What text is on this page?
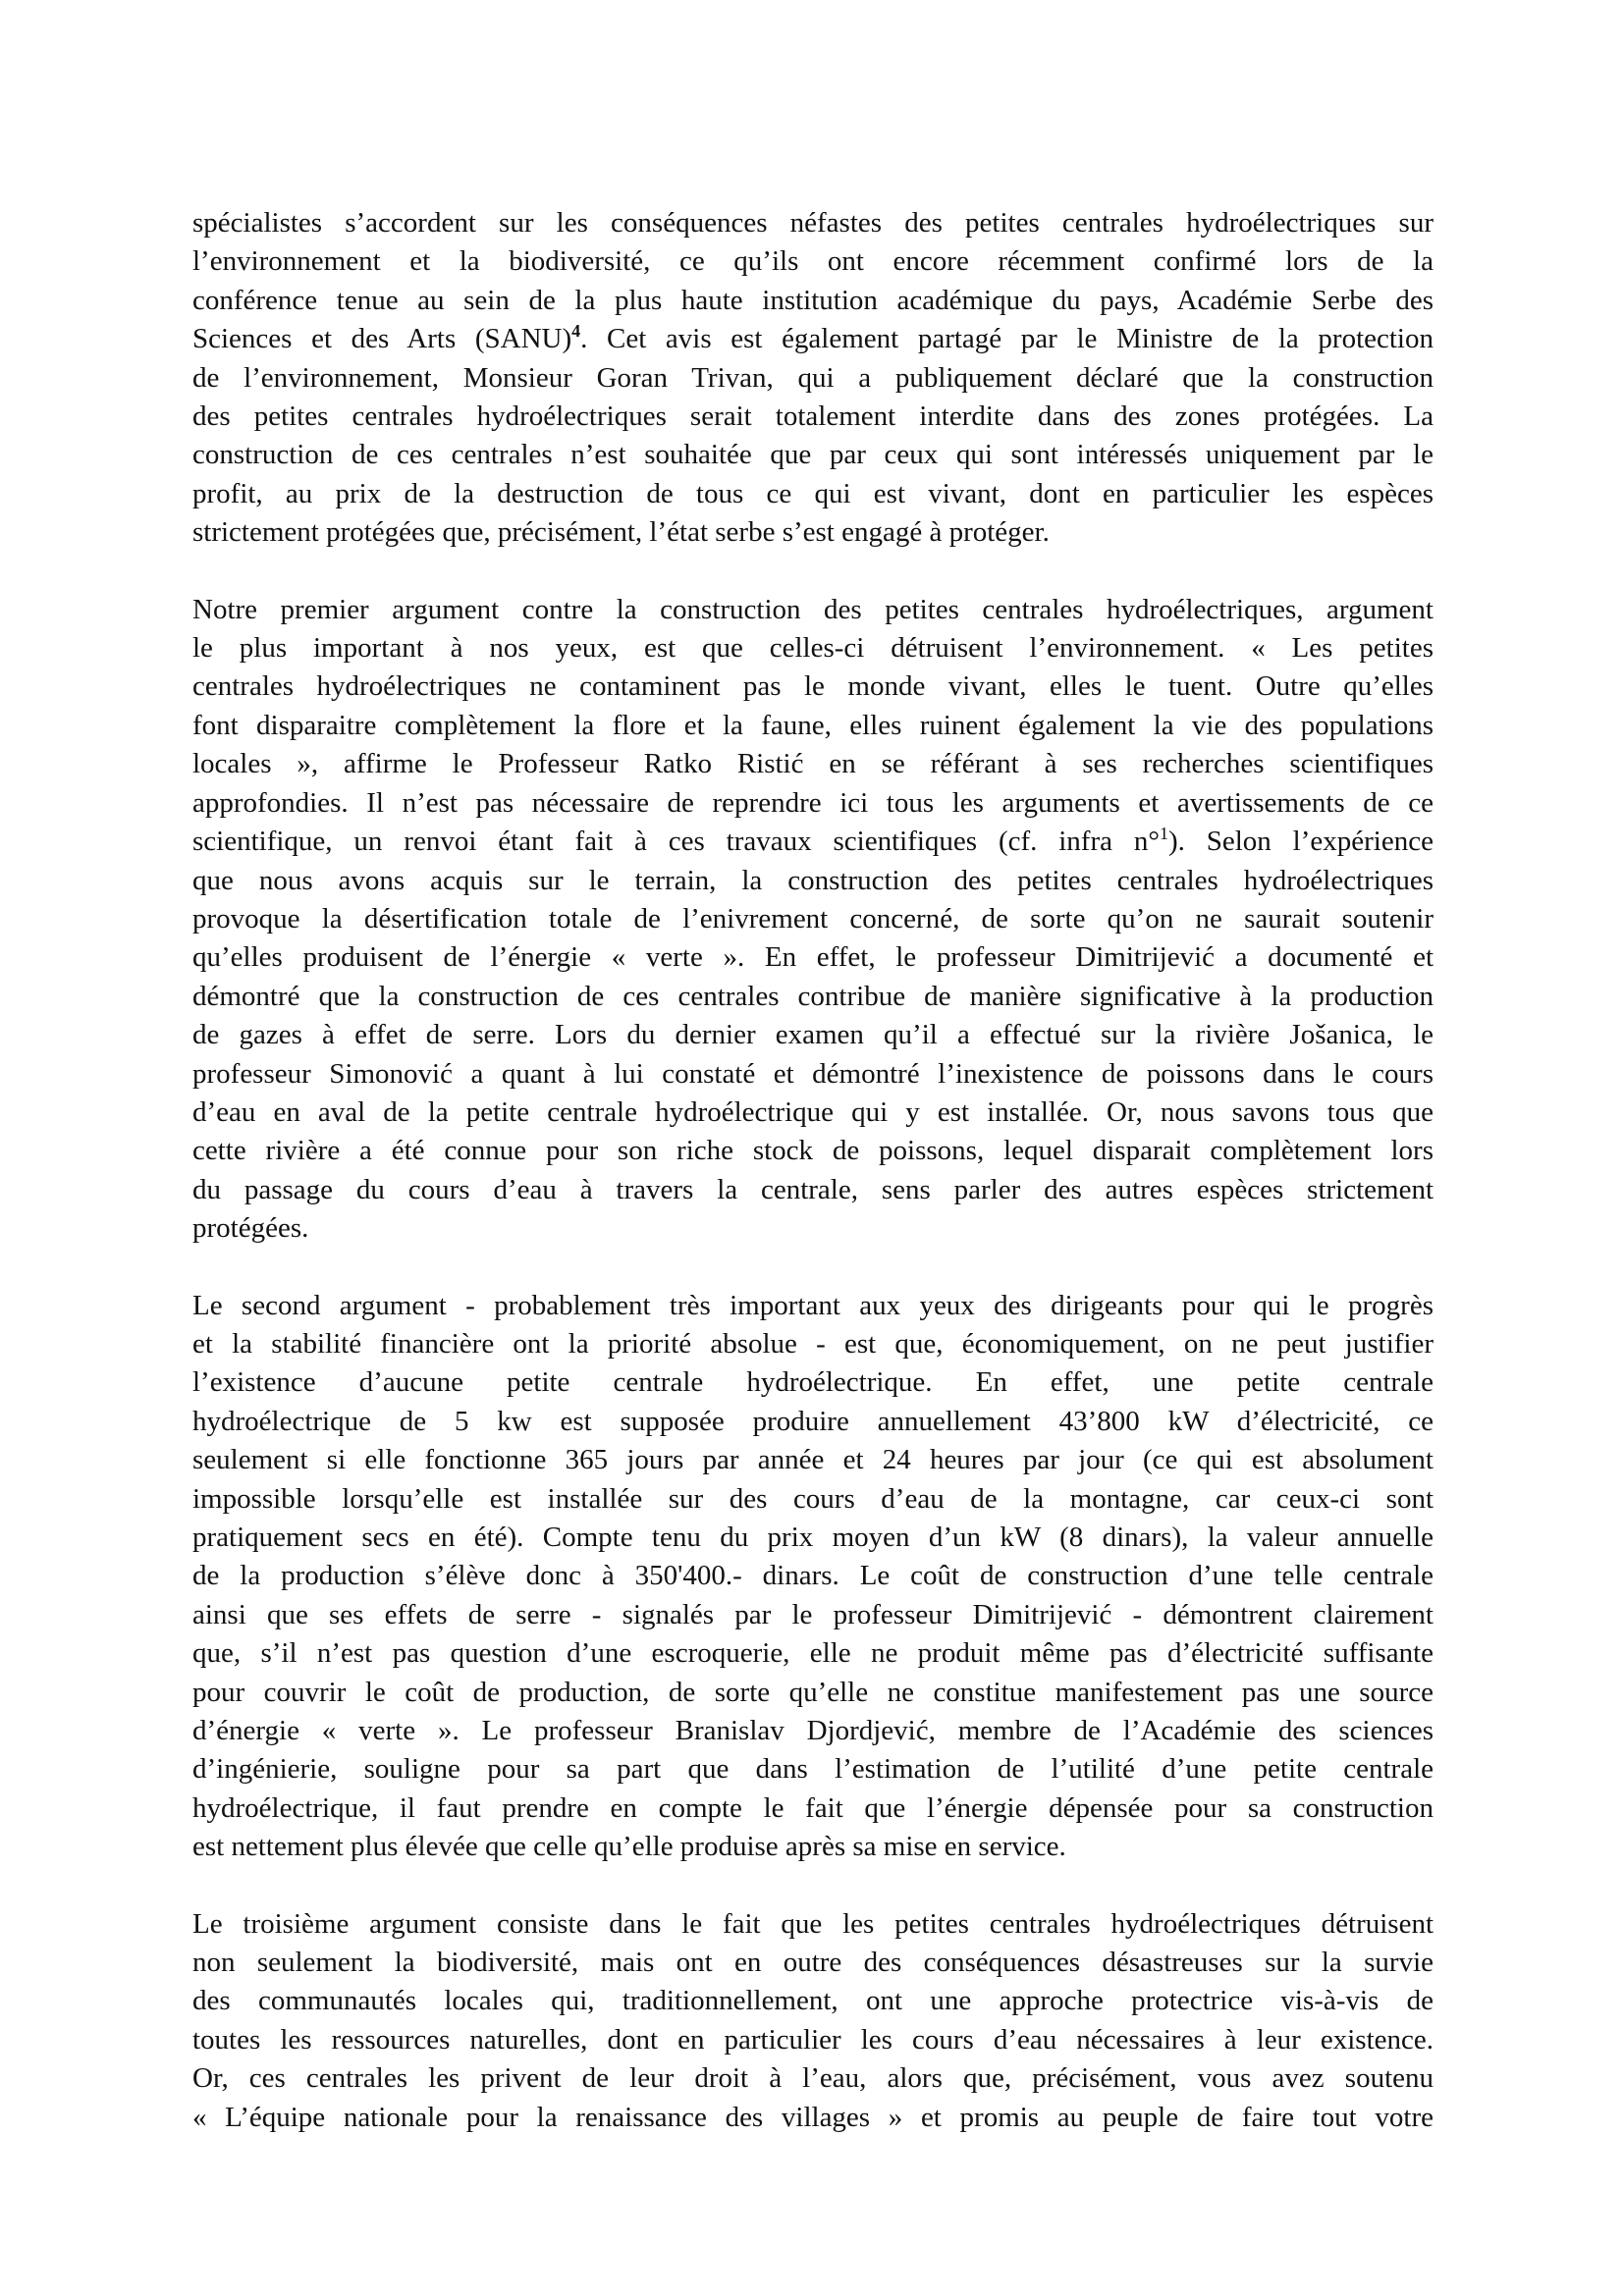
spécialistes s’accordent sur les conséquences néfastes des petites centrales hydroélectriques sur
l’environnement et la biodiversité, ce qu’ils ont encore récemment confirmé lors de la
conférence tenue au sein de la plus haute institution académique du pays, Académie Serbe des
Sciences et des Arts (SANU)$^4$. Cet avis est également partagé par le Ministre de la protection
de l’environnement, Monsieur Goran Trivan, qui a publiquement déclaré que la construction
des petites centrales hydroélectriques serait totalement interdite dans des zones protégées. La
construction de ces centrales n’est souhaitée que par ceux qui sont intéressés uniquement par le
profit, au prix de la destruction de tous ce qui est vivant, dont en particulier les espèces
strictement protégées que, précisément, l’état serbe s’est engagé à protéger.

Notre premier argument contre la construction des petites centrales hydroélectriques, argument
le plus important à nos yeux, est que celles-ci détruisent l’environnement. « Les petites
centrales hydroélectriques ne contaminent pas le monde vivant, elles le tuent. Outre qu’elles
font disparaitre complètement la flore et la faune, elles ruinent également la vie des populations
locales », affirme le Professeur Ratko Ristić en se référant à ses recherches scientifiques
approfondies. Il n’est pas nécessaire de reprendre ici tous les arguments et avertissements de ce
scientifique, un renvoi étant fait à ces travaux scientifiques (cf. infra n°$^1$). Selon l’expérience
que nous avons acquis sur le terrain, la construction des petites centrales hydroélectriques
provoque la désertification totale de l’enivrement concerné, de sorte qu’on ne saurait soutenir
qu’elles produisent de l’énergie « verte ». En effet, le professeur Dimitrijević a documenté et
démontré que la construction de ces centrales contribue de manière significative à la production
de gazes à effet de serre. Lors du dernier examen qu’il a effectué sur la rivière Jošanica, le
professeur Simonović a quant à lui constaté et démontré l’inexistence de poissons dans le cours
d’eau en aval de la petite centrale hydroélectrique qui y est installée. Or, nous savons tous que
cette rivière a été connue pour son riche stock de poissons, lequel disparait complètement lors
du passage du cours d’eau à travers la centrale, sens parler des autres espèces strictement
protégées.

Le second argument - probablement très important aux yeux des dirigeants pour qui le progrès
et la stabilité financière ont la priorité absolue - est que, économiquement, on ne peut justifier
l’existence d’aucune petite centrale hydroélectrique. En effet, une petite centrale
hydroélectrique de 5 kw est supposée produire annuellement 43’800 kW d’électricité, ce
seulement si elle fonctionne 365 jours par année et 24 heures par jour (ce qui est absolument
impossible lorsqu’elle est installée sur des cours d’eau de la montagne, car ceux-ci sont
pratiquement secs en été). Compte tenu du prix moyen d’un kW (8 dinars), la valeur annuelle
de la production s’élève donc à 350'400.- dinars. Le coût de construction d’une telle centrale
ainsi que ses effets de serre - signalés par le professeur Dimitrijević - démontrent clairement
que, s’il n’est pas question d’une escroquerie, elle ne produit même pas d’électricité suffisante
pour couvrir le coût de production, de sorte qu’elle ne constitue manifestement pas une source
d’énergie « verte ». Le professeur Branislav Djordjević, membre de l’Académie des sciences
d’ingénierie, souligne pour sa part que dans l’estimation de l’utilité d’une petite centrale
hydroélectrique, il faut prendre en compte le fait que l’énergie dépensée pour sa construction
est nettement plus élevée que celle qu’elle produise après sa mise en service.

Le troisième argument consiste dans le fait que les petites centrales hydroélectriques détruisent
non seulement la biodiversité, mais ont en outre des conséquences désastreuses sur la survie
des communautés locales qui, traditionnellement, ont une approche protectrice vis-à-vis de
toutes les ressources naturelles, dont en particulier les cours d’eau nécessaires à leur existence.
Or, ces centrales les privent de leur droit à l’eau, alors que, précisément, vous avez soutenu
« L’équipe nationale pour la renaissance des villages » et promis au peuple de faire tout votre
